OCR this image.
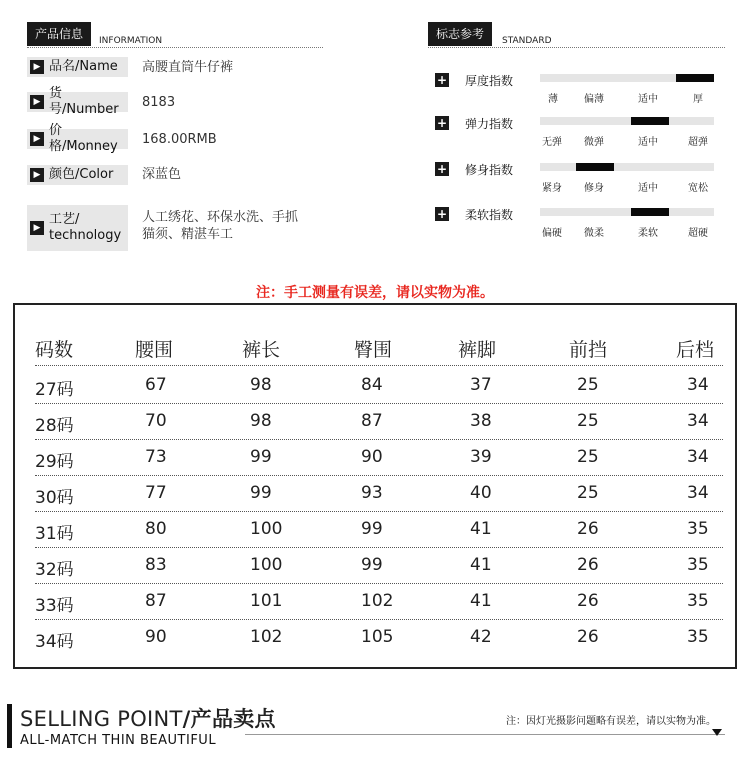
产品信息	INFORMATION
▶ 品名/Name 高腰直筒牛仔裤
▶
货号/Number	8183
▶
价格/Monney	168.00RMB
▶ 颜色/Color 深蓝色
▶
工艺/
technology
人工绣花、环保水洗、手抓
猫须、精湛车工
标志参考	STANDARD
+ 厚度指数
薄	偏薄	适中	厚
+ 弹力指数
无弹 微弹	适中	超弹
+ 修身指数
紧身 修身	适中	宽松
+ 柔软指数
偏硬 微柔	柔软	超硬
注：手工测量有误差，请以实物为准。
码数	腰围	裤长	臀围	裤脚	前挡	后档
27码	67	98	84	37	25	34
28码	70	98	87	38	25	34
29码	73	99	90	39	25	34
30码	77	99	93	40	25	34
31码	80	100	99	41	26	35
32码	83	100	99	41	26	35
33码	87	101	102	41	26	35
34码	90	102	105	42	26	35
SELLING POINT/产品卖点
ALL-MATCH THIN BEAUTIFUL
注：因灯光摄影问题略有误差，请以实物为准。
